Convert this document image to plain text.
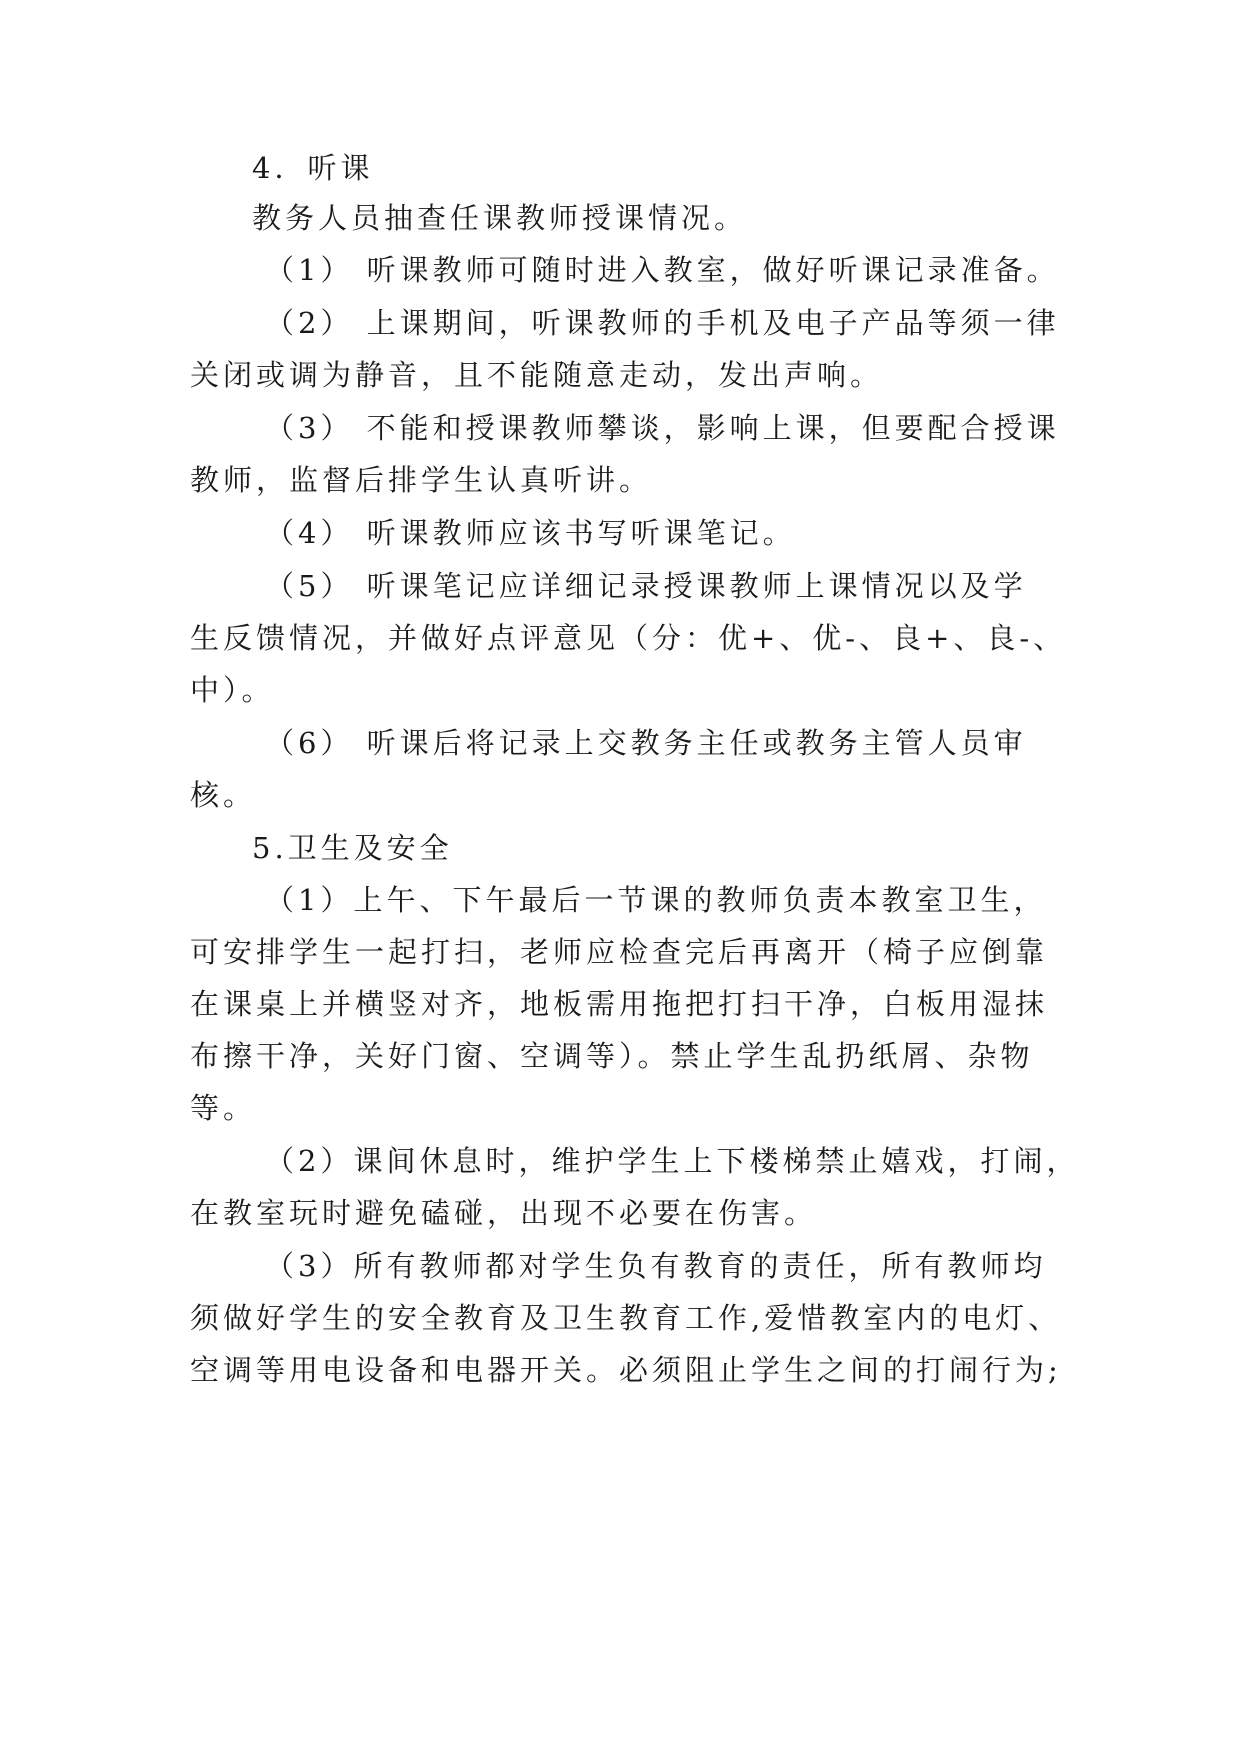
4．听课
教务人员抽查任课教师授课情况。
（1） 听课教师可随时进入教室，做好听课记录准备。
（2） 上课期间，听课教师的手机及电子产品等须一律
关闭或调为静音，且不能随意走动，发出声响。
（3） 不能和授课教师攀谈，影响上课，但要配合授课
教师，监督后排学生认真听讲。
（4） 听课教师应该书写听课笔记。
（5） 听课笔记应详细记录授课教师上课情况以及学
生反馈情况，并做好点评意见（分：优+、优-、良+、良-、
中）。
（6） 听课后将记录上交教务主任或教务主管人员审
核。
5.卫生及安全
（1）上午、下午最后一节课的教师负责本教室卫生，
可安排学生一起打扫，老师应检查完后再离开（椅子应倒靠
在课桌上并横竖对齐，地板需用拖把打扫干净，白板用湿抹
布擦干净，关好门窗、空调等）。禁止学生乱扔纸屑、杂物
等。
（2）课间休息时，维护学生上下楼梯禁止嬉戏，打闹，
在教室玩时避免磕碰，出现不必要在伤害。
（3）所有教师都对学生负有教育的责任，所有教师均
须做好学生的安全教育及卫生教育工作,爱惜教室内的电灯、
空调等用电设备和电器开关。必须阻止学生之间的打闹行为;
